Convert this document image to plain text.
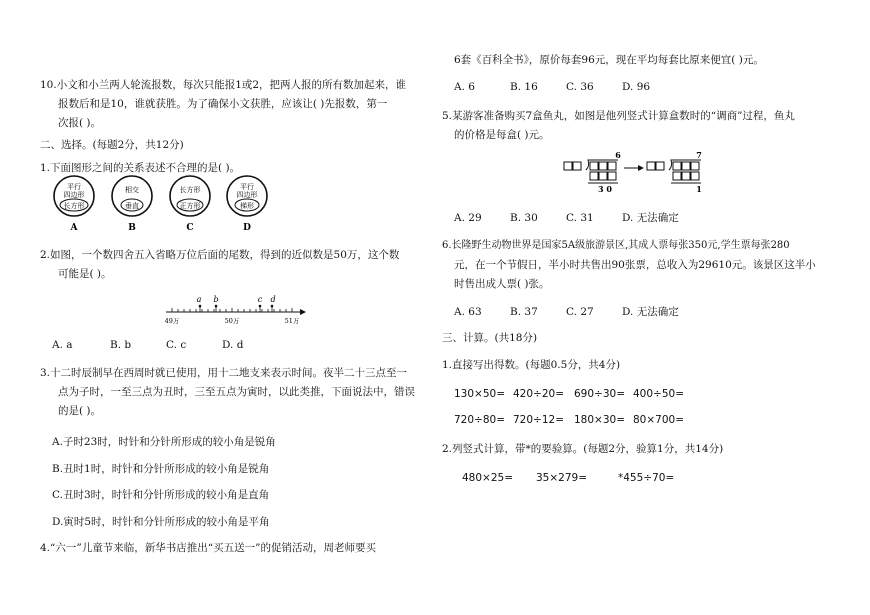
10.小文和小兰两人轮流报数，每次只能报1或2，把两人报的所有数加起来，谁
报数后和是10，谁就获胜。为了确保小文获胜，应该让( )先报数，第一
次报( )。
二、选择。(每题2分，共12分)
1.下面图形之间的关系表述不合理的是( )。
平行
四边形
长方形
A
相交
垂直
B
长方形
正方形
C
平行
四边形
梯形
D
2.如图，一个数四舍五入省略万位后面的尾数，得到的近似数是50万，这个数
可能是( )。
a b	c d
49万	50万	51万
A. a	B. b	C. c	D. d
3.十二时辰制早在西周时就已使用，用十二地支来表示时间。夜半二十三点至一
点为子时，一至三点为丑时，三至五点为寅时，以此类推，下面说法中，错误
的是( )。
A.子时23时，时针和分针所形成的较小角是锐角
B.丑时1时，时针和分针所形成的较小角是锐角
C.丑时3时，时针和分针所形成的较小角是直角
D.寅时5时，时针和分针所形成的较小角是平角
4.“六一”儿童节来临，新华书店推出“买五送一”的促销活动，周老师要买
6套《百科全书》，原价每套96元，现在平均每套比原来便宜( )元。
A. 6	B. 16	C. 36	D. 96
5.某游客准备购买7盒鱼丸，如图是他列竖式计算盒数时的“调商”过程，鱼丸
的价格是每盒( )元。
6
3 0
7
1
A. 29	B. 30	C. 31	D. 无法确定
6.长隆野生动物世界是国家5A级旅游景区,其成人票每张350元,学生票每张280
元，在一个节假日，半小时共售出90张票，总收入为29610元。该景区这半小
时售出成人票( )张。
A. 63	B. 37	C. 27	D. 无法确定
三、计算。(共18分)
1.直接写出得数。(每题0.5分，共4分)
130×50= 420÷20= 690÷30= 400÷50=
720÷80= 720÷12= 180×30= 80×700=
2.列竖式计算，带*的要验算。(每题2分，验算1分，共14分)
480×25= 35×279=	*455÷70=
